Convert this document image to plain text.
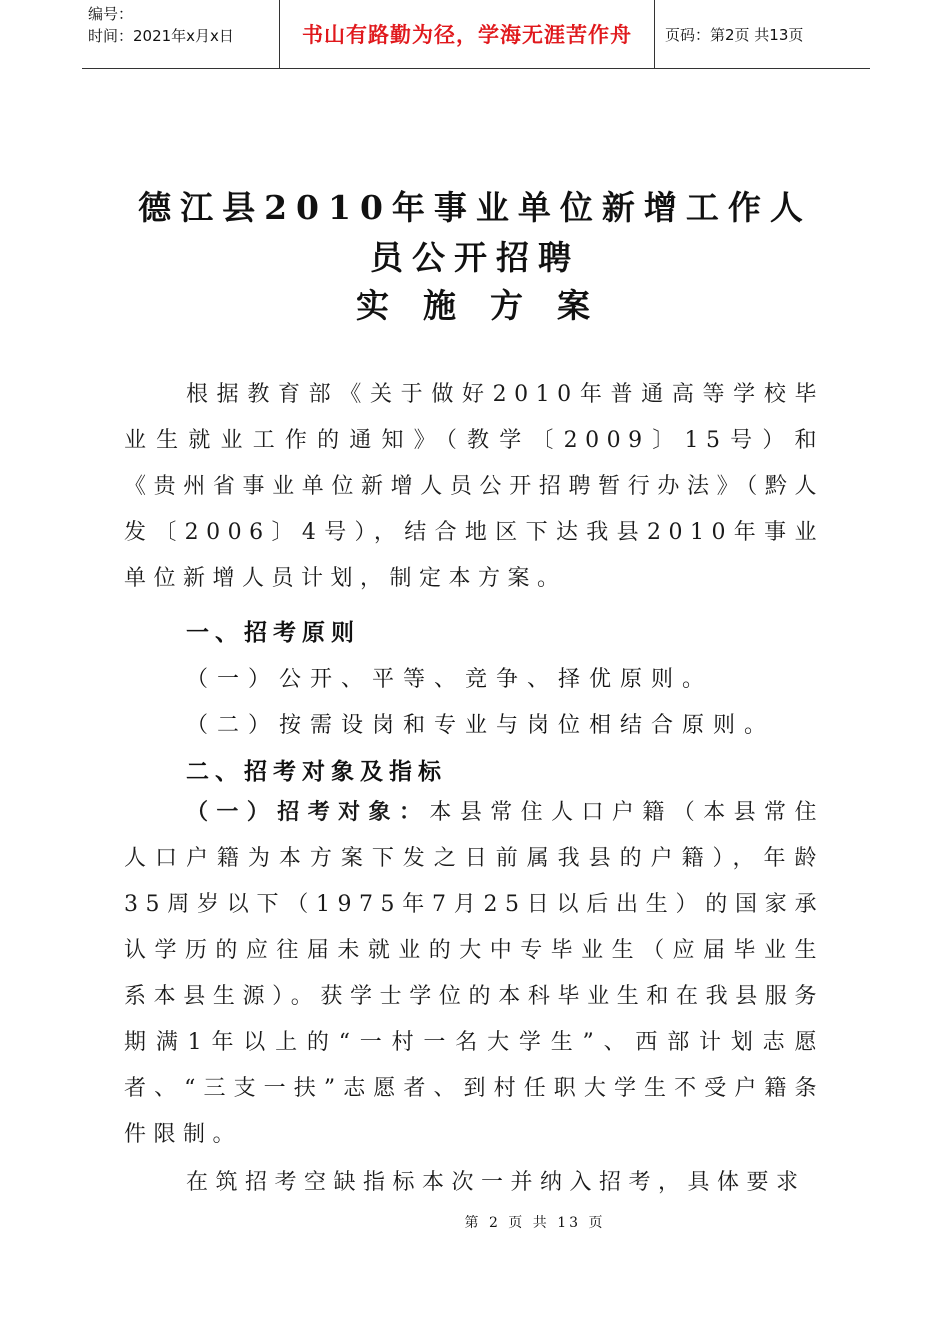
编号：
时间：2021年x月x日	书山有路勤为径，学海无涯苦作舟	页码：第2页 共13页
德江县2010年事业单位新增工作人
员公开招聘
实施方案
根据教育部《关于做好2010年普通高等学校毕业生就业工作的通知》（教学〔2009〕15号）和《贵州省事业单位新增人员公开招聘暂行办法》（黔人发〔2006〕4号），结合地区下达我县2010年事业单位新增人员计划，制定本方案。
一、招考原则
（一）公开、平等、竞争、择优原则。
（二）按需设岗和专业与岗位相结合原则。
二、招考对象及指标
（一）招考对象：本县常住人口户籍（本县常住人口户籍为本方案下发之日前属我县的户籍），年龄35周岁以下（1975年7月25日以后出生）的国家承认学历的应往届未就业的大中专毕业生（应届毕业生系本县生源）。获学士学位的本科毕业生和在我县服务期满1年以上的“一村一名大学生”、西部计划志愿者、“三支一扶”志愿者、到村任职大学生不受户籍条件限制。
在筑招考空缺指标本次一并纳入招考，具体要求
第 2 页 共 13 页
